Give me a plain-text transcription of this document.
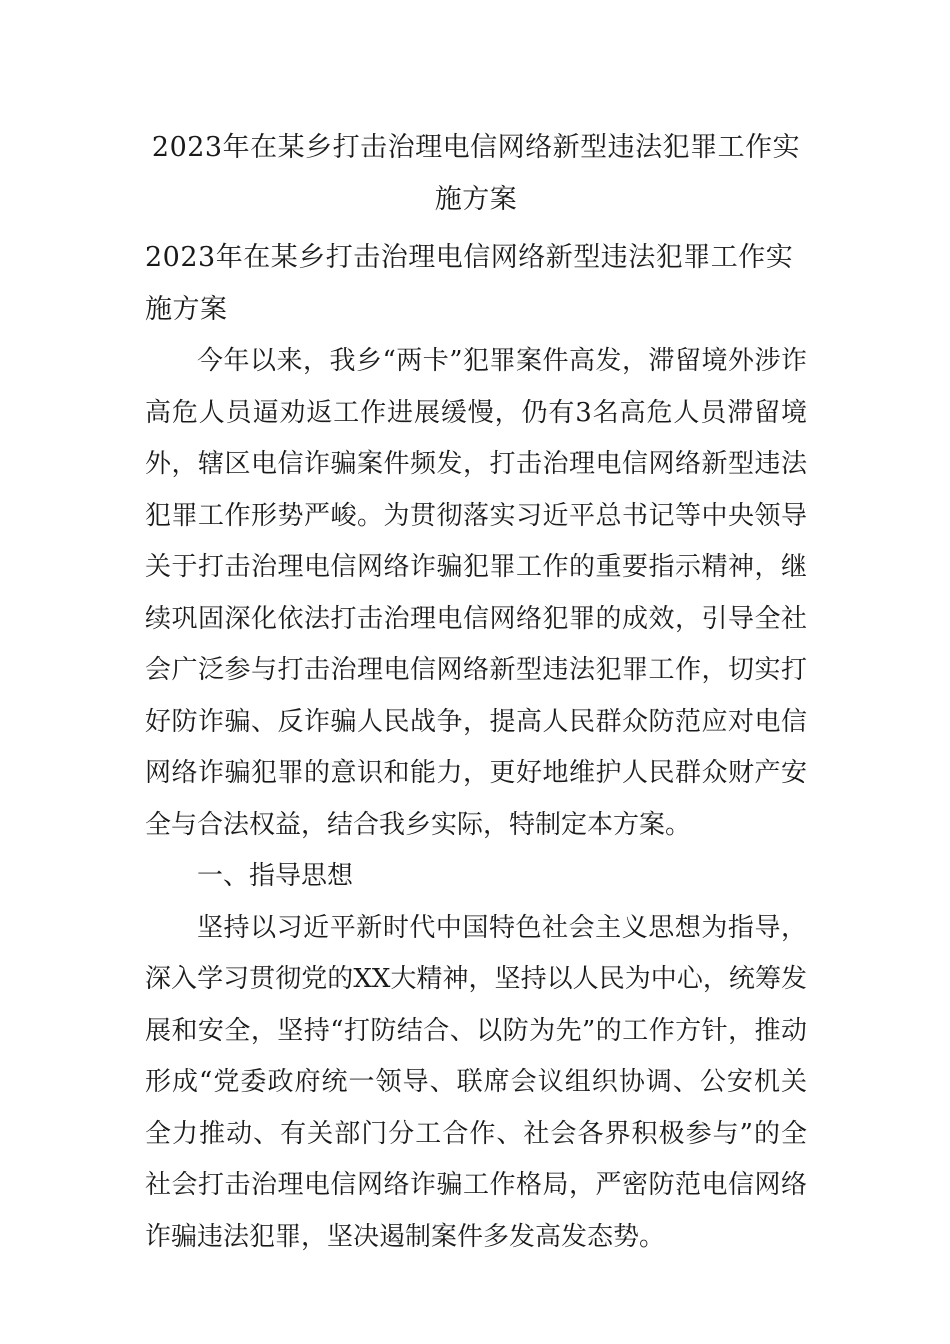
2023年在某乡打击治理电信网络新型违法犯罪工作实施方案

2023年在某乡打击治理电信网络新型违法犯罪工作实施方案

今年以来，我乡“两卡”犯罪案件高发，滞留境外涉诈高危人员逼劝返工作进展缓慢，仍有3名高危人员滞留境外，辖区电信诈骗案件频发，打击治理电信网络新型违法犯罪工作形势严峻。为贯彻落实习近平总书记等中央领导关于打击治理电信网络诈骗犯罪工作的重要指示精神，继续巩固深化依法打击治理电信网络犯罪的成效，引导全社会广泛参与打击治理电信网络新型违法犯罪工作，切实打好防诈骗、反诈骗人民战争，提高人民群众防范应对电信网络诈骗犯罪的意识和能力，更好地维护人民群众财产安全与合法权益，结合我乡实际，特制定本方案。

一、指导思想

坚持以习近平新时代中国特色社会主义思想为指导，深入学习贯彻党的XX大精神，坚持以人民为中心，统筹发展和安全，坚持“打防结合、以防为先”的工作方针，推动形成“党委政府统一领导、联席会议组织协调、公安机关全力推动、有关部门分工合作、社会各界积极参与”的全社会打击治理电信网络诈骗工作格局，严密防范电信网络诈骗违法犯罪，坚决遏制案件多发高发态势。
